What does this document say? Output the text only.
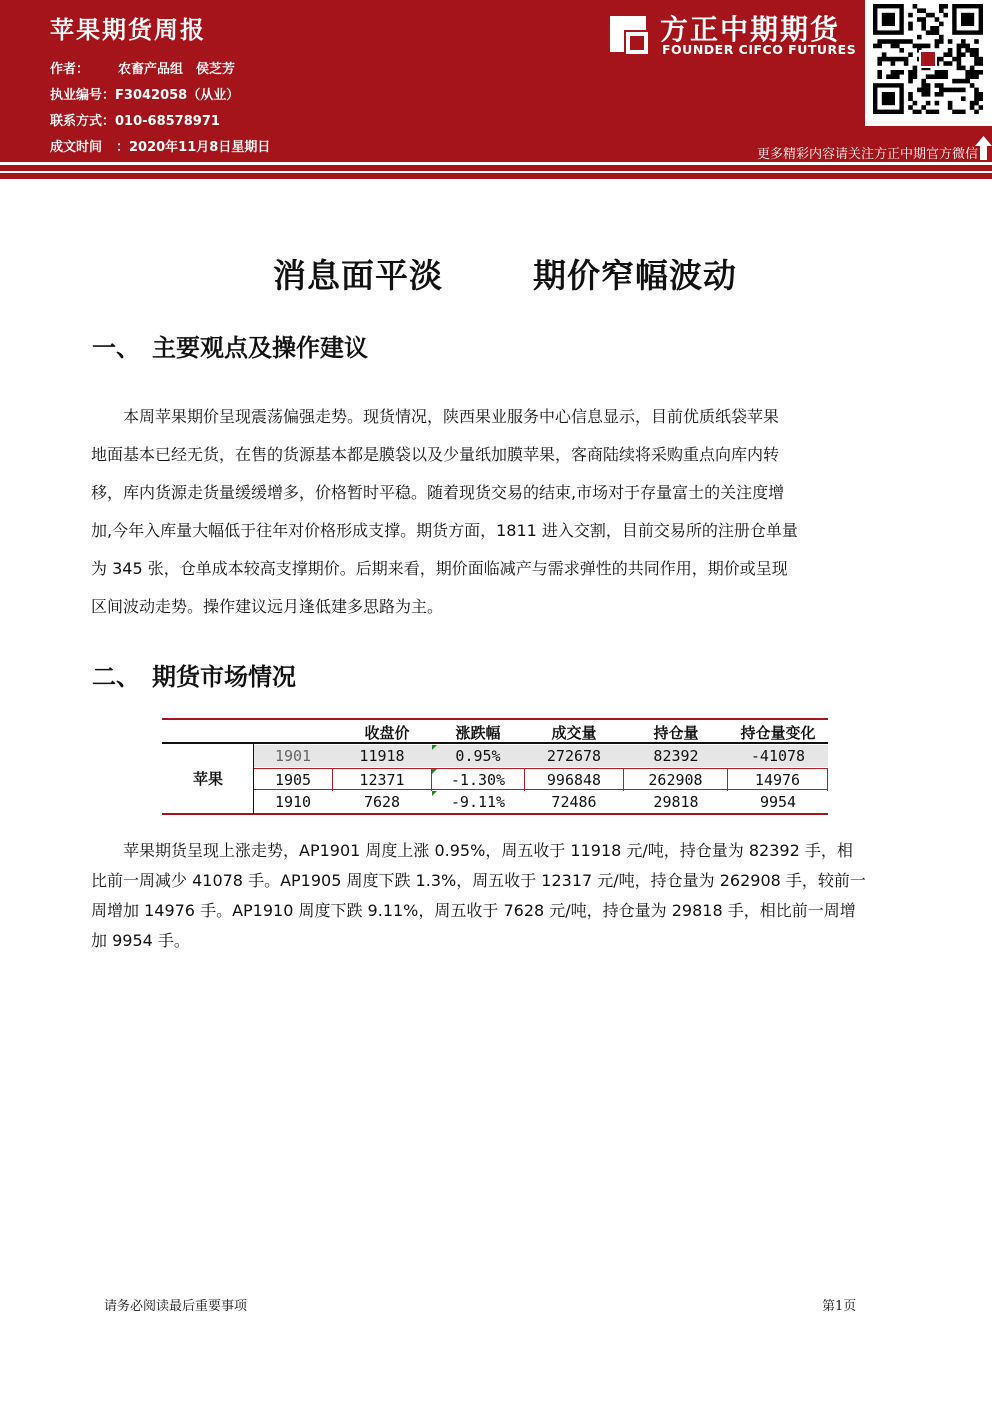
苹果期货周报
作者： 农畜产品组　侯芝芳
执业编号：F3042058（从业）
联系方式：010-68578971
成文时间 ：2020年11月8日星期日
方正中期期货
FOUNDER CIFCO FUTURES
更多精彩内容请关注方正中期官方微信
消息面平淡	期价窄幅波动
一、 主要观点及操作建议
　　本周苹果期价呈现震荡偏强走势。现货情况，陕西果业服务中心信息显示，目前优质纸袋苹果
地面基本已经无货，在售的货源基本都是膜袋以及少量纸加膜苹果，客商陆续将采购重点向库内转
移，库内货源走货量缓缓增多，价格暂时平稳。随着现货交易的结束,市场对于存量富士的关注度增
加,今年入库量大幅低于往年对价格形成支撑。期货方面，1811 进入交割，目前交易所的注册仓单量
为 345 张，仓单成本较高支撑期价。后期来看，期价面临减产与需求弹性的共同作用，期价或呈现
区间波动走势。操作建议远月逢低建多思路为主。
二、 期货市场情况
收盘价	涨跌幅	成交量	持仓量	持仓量变化
苹果
1901	11918	0.95%	272678	82392	-41078
1905	12371	-1.30%	996848	262908	14976
1910	7628	-9.11%	72486	29818	9954
　　苹果期货呈现上涨走势，AP1901 周度上涨 0.95%，周五收于 11918 元/吨，持仓量为 82392 手，相
比前一周减少 41078 手。AP1905 周度下跌 1.3%，周五收于 12317 元/吨，持仓量为 262908 手，较前一
周增加 14976 手。AP1910 周度下跌 9.11%，周五收于 7628 元/吨，持仓量为 29818 手，相比前一周增
加 9954 手。
请务必阅读最后重要事项	第1页
